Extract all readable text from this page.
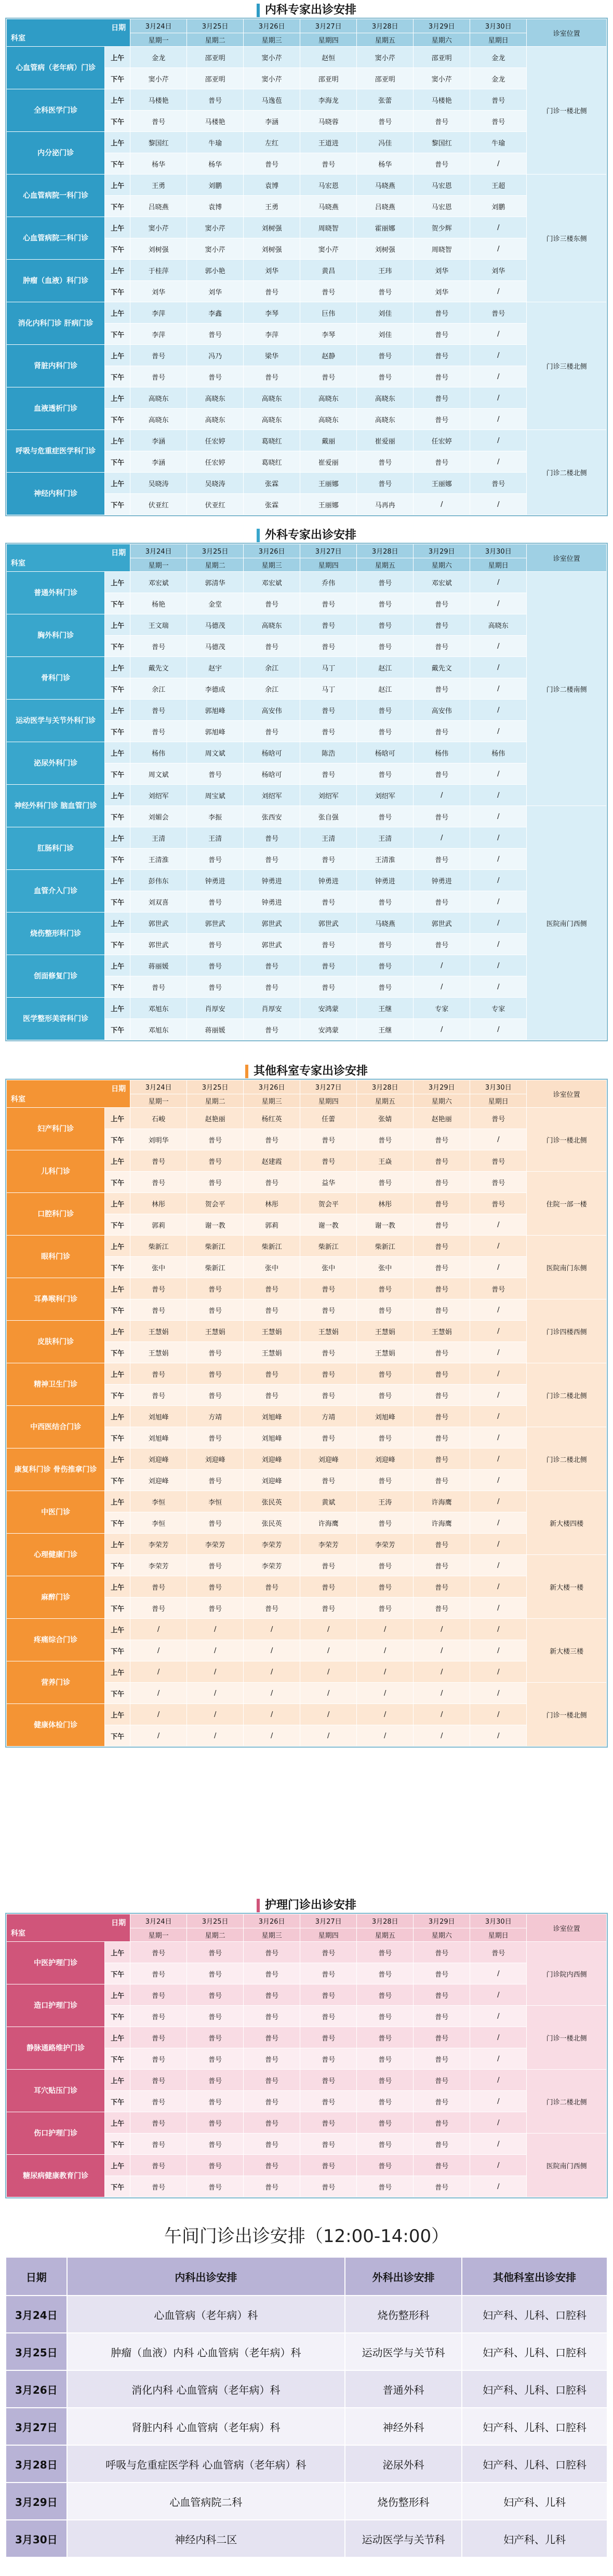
内科专家出诊安排
日期
科室		3月24日	3月25日	3月26日	3月27日	3月28日	3月29日	3月30日	诊室位置
		星期一	星期二	星期三	星期四	星期五	星期六	星期日	
心血管病（老年病）门诊	上午	金龙	邵亚明	窦小芹	赵恒	窦小芹	邵亚明	金龙	门诊一楼北侧
	下午	窦小芹	邵亚明	窦小芹	邵亚明	邵亚明	窦小芹	金龙	
全科医学门诊	上午	马楼艳	普号	马逸苞	李海龙	张蕾	马楼艳	普号	
	下午	普号	马楼艳	李涵	马晓蓉	普号	普号	普号	
内分泌门诊	上午	黎国红	牛瑜	左红	王道进	冯佳	黎国红	牛瑜	
	下午	杨华	杨华	普号	普号	杨华	普号	/	
心血管病院一科门诊	上午	王勇	刘鹏	袁博	马宏恩	马晓燕	马宏恩	王超	门诊三楼东侧
	下午	吕晓燕	袁博	王勇	马晓燕	吕晓燕	马宏恩	刘鹏	
心血管病院二科门诊	上午	窦小芹	窦小芹	刘树强	周晓智	霍丽娜	贺少辉	/	
	下午	刘树强	窦小芹	刘树强	窦小芹	刘树强	周晓智	/	
肿瘤（血液）科门诊	上午	于桂萍	郭小艳	刘华	黄昌	王玮	刘华	刘华	
	下午	刘华	刘华	普号	普号	普号	刘华	/	
消化内科门诊 肝病门诊	上午	李萍	李鑫	李琴	巨伟	刘佳	普号	普号	门诊三楼北侧
	下午	李萍	普号	李萍	李琴	刘佳	普号	/	
肾脏内科门诊	上午	普号	冯乃	梁华	赵静	普号	普号	/	
	下午	普号	普号	普号	普号	普号	普号	/	
血液透析门诊	上午	高晓东	高晓东	高晓东	高晓东	高晓东	普号	/	
	下午	高晓东	高晓东	高晓东	高晓东	高晓东	普号	/	
呼吸与危重症医学科门诊	上午	李涵	任宏婷	葛晓红	戴丽	崔爱丽	任宏婷	/	门诊二楼北侧
	下午	李涵	任宏婷	葛晓红	崔爱丽	普号	普号	/	
神经内科门诊	上午	吴晓涛	吴晓涛	张霖	王丽娜	普号	王丽娜	普号	
	下午	伏亚红	伏亚红	张霖	王丽娜	马再冉	/	/	
外科专家出诊安排
日期
科室		3月24日	3月25日	3月26日	3月27日	3月28日	3月29日	3月30日	诊室位置
		星期一	星期二	星期三	星期四	星期五	星期六	星期日	
普通外科门诊	上午	邓宏斌	郭清华	邓宏斌	乔伟	普号	邓宏斌	/	门诊二楼南侧
	下午	杨艳	金堂	普号	普号	普号	普号	/	
胸外科门诊	上午	王文瑞	马德茂	高晓东	普号	普号	普号	高晓东	
	下午	普号	马德茂	普号	普号	普号	普号	/	
骨科门诊	上午	戴先文	赵宇	余江	马丁	赵江	戴先文	/	
	下午	余江	李德成	余江	马丁	赵江	普号	/	
运动医学与关节外科门诊	上午	普号	郭旭峰	高安伟	普号	普号	高安伟	/	
	下午	普号	郭旭峰	普号	普号	普号	普号	/	
泌尿外科门诊	上午	杨伟	周文斌	杨晗可	陈浩	杨晗可	杨伟	杨伟	
	下午	周文斌	普号	杨晗可	普号	普号	普号	/	
神经外科门诊 脑血管门诊	上午	刘绍军	周宝斌	刘绍军	刘绍军	刘绍军	/	/	
	下午	刘媚会	李振	张西安	张自强	普号	普号	/	医院南门西侧
肛肠科门诊	上午	王清	王清	普号	王清	王清	/	/	
	下午	王清淮	普号	普号	普号	王清淮	普号	/	
血管介入门诊	上午	彭伟东	钟勇进	钟勇进	钟勇进	钟勇进	钟勇进	/	
	下午	刘双喜	普号	钟勇进	普号	普号	普号	/	
烧伤整形科门诊	上午	郭世武	郭世武	郭世武	郭世武	马晓燕	郭世武	/	
	下午	郭世武	普号	郭世武	普号	普号	普号	/	
创面修复门诊	上午	蒋丽媛	普号	普号	普号	普号	/	/	
	下午	普号	普号	普号	普号	普号	/	/	
医学整形美容科门诊	上午	邓旭东	肖厚安	肖厚安	安鸿蒙	王继	专家	专家	
	下午	邓旭东	蒋丽媛	普号	安鸿蒙	王继	/	/	
其他科室专家出诊安排
日期
科室		3月24日	3月25日	3月26日	3月27日	3月28日	3月29日	3月30日	诊室位置
		星期一	星期二	星期三	星期四	星期五	星期六	星期日	
妇产科门诊	上午	石峻	赵艳丽	杨红英	任蕾	张婧	赵艳丽	普号	门诊一楼北侧
	下午	刘明华	普号	普号	普号	普号	普号	/	
儿科门诊	上午	普号	普号	赵建霞	普号	王焱	普号	普号	
	下午	普号	普号	普号	益华	普号	普号	普号	住院一部一楼
口腔科门诊	上午	林彤	贺会平	林彤	贺会平	林彤	普号	普号	
	下午	郭莉	谢一教	郭莉	谢一教	谢一教	普号	/	
眼科门诊	上午	柴新江	柴新江	柴新江	柴新江	柴新江	普号	/	医院南门东侧
	下午	张中	柴新江	张中	张中	张中	普号	/	
耳鼻喉科门诊	上午	普号	普号	普号	普号	普号	普号	普号	
	下午	普号	普号	普号	普号	普号	普号	/	门诊四楼西侧
皮肤科门诊	上午	王慧娟	王慧娟	王慧娟	王慧娟	王慧娟	王慧娟	/	
	下午	王慧娟	普号	王慧娟	普号	王慧娟	普号	/	
精神卫生门诊	上午	普号	普号	普号	普号	普号	普号	/	门诊二楼北侧
	下午	普号	普号	普号	普号	普号	普号	/	
中西医结合门诊	上午	刘旭峰	方靖	刘旭峰	方靖	刘旭峰	普号	/	
	下午	刘旭峰	普号	刘旭峰	普号	普号	普号	/	门诊二楼北侧
康复科门诊 骨伤推拿门诊	上午	刘迎峰	刘迎峰	刘迎峰	刘迎峰	刘迎峰	普号	/	
	下午	刘迎峰	普号	刘迎峰	普号	普号	普号	/	
中医门诊	上午	李恒	李恒	张民英	黄斌	王涛	许海鹰	/	新大楼四楼
	下午	李恒	普号	张民英	许海鹰	普号	许海鹰	/	
心理健康门诊	上午	李荣芳	李荣芳	李荣芳	李荣芳	李荣芳	普号	/	
	下午	李荣芳	普号	李荣芳	普号	普号	普号	/	新大楼一楼
麻醉门诊	上午	普号	普号	普号	普号	普号	普号	/	
	下午	普号	普号	普号	普号	普号	普号	/	
疼痛综合门诊	上午	/	/	/	/	/	/	/	新大楼三楼
	下午	/	/	/	/	/	/	/	
营养门诊	上午	/	/	/	/	/	/	/	
	下午	/	/	/	/	/	/	/	门诊一楼北侧
健康体检门诊	上午	/	/	/	/	/	/	/	
	下午	/	/	/	/	/	/	/	
护理门诊出诊安排
日期
科室		3月24日	3月25日	3月26日	3月27日	3月28日	3月29日	3月30日	诊室位置
		星期一	星期二	星期三	星期四	星期五	星期六	星期日	
中医护理门诊	上午	普号	普号	普号	普号	普号	普号	普号	门诊院内西侧
	下午	普号	普号	普号	普号	普号	普号	/	
造口护理门诊	上午	普号	普号	普号	普号	普号	普号	/	
	下午	普号	普号	普号	普号	普号	普号	/	门诊一楼北侧
静脉通路维护门诊	上午	普号	普号	普号	普号	普号	普号	/	
	下午	普号	普号	普号	普号	普号	普号	/	
耳穴贴压门诊	上午	普号	普号	普号	普号	普号	普号	/	门诊二楼北侧
	下午	普号	普号	普号	普号	普号	普号	/	
伤口护理门诊	上午	普号	普号	普号	普号	普号	普号	/	
	下午	普号	普号	普号	普号	普号	普号	/	医院南门西侧
糖尿病健康教育门诊	上午	普号	普号	普号	普号	普号	普号	/	
	下午	普号	普号	普号	普号	普号	普号	/	
午间门诊出诊安排（12:00-14:00）
日期	内科出诊安排	外科出诊安排	其他科室出诊安排
3月24日	心血管病（老年病）科	烧伤整形科	妇产科、儿科、口腔科
3月25日	肿瘤（血液）内科 心血管病（老年病）科	运动医学与关节科	妇产科、儿科、口腔科
3月26日	消化内科 心血管病（老年病）科	普通外科	妇产科、儿科、口腔科
3月27日	肾脏内科 心血管病（老年病）科	神经外科	妇产科、儿科、口腔科
3月28日	呼吸与危重症医学科 心血管病（老年病）科	泌尿外科	妇产科、儿科、口腔科
3月29日	心血管病院二科	烧伤整形科	妇产科、儿科
3月30日	神经内科二区	运动医学与关节科	妇产科、儿科
